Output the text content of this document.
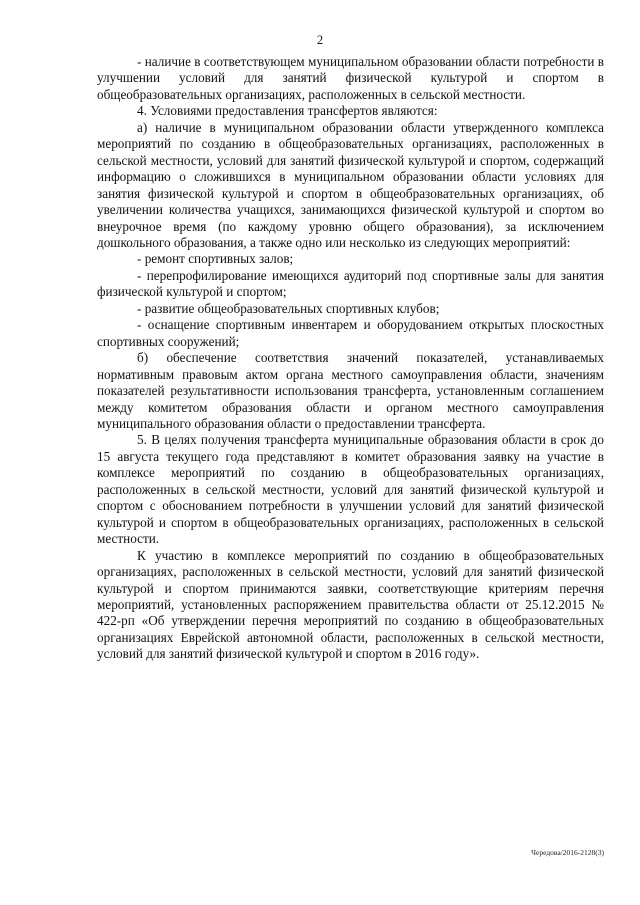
2

- наличие в соответствующем муниципальном образовании области потребности в улучшении условий для занятий физической культурой и спортом в общеобразовательных организациях, расположенных в сельской местности.

4. Условиями предоставления трансфертов являются:

а) наличие в муниципальном образовании области утвержденного комплекса мероприятий по созданию в общеобразовательных организациях, расположенных в сельской местности, условий для занятий физической культурой и спортом, содержащий информацию о сложившихся в муниципальном образовании области условиях для занятия физической культурой и спортом в общеобразовательных организациях, об увеличении количества учащихся, занимающихся физической культурой и спортом во внеурочное время (по каждому уровню общего образования), за исключением дошкольного образования, а также одно или несколько из следующих мероприятий:

- ремонт спортивных залов;

- перепрофилирование имеющихся аудиторий под спортивные залы для занятия физической культурой и спортом;

- развитие общеобразовательных спортивных клубов;

- оснащение спортивным инвентарем и оборудованием открытых плоскостных спортивных сооружений;

б) обеспечение соответствия значений показателей, устанавливаемых нормативным правовым актом органа местного самоуправления области, значениям показателей результативности использования трансферта, установленным соглашением между комитетом образования области и органом местного самоуправления муниципального образования области о предоставлении трансферта.

5. В целях получения трансферта муниципальные образования области в срок до 15 августа текущего года представляют в комитет образования заявку на участие в комплексе мероприятий по созданию в общеобразовательных организациях, расположенных в сельской местности, условий для занятий физической культурой и спортом с обоснованием потребности в улучшении условий для занятий физической культурой и спортом в общеобразовательных организациях, расположенных в сельской местности.

К участию в комплексе мероприятий по созданию в общеобразовательных организациях, расположенных в сельской местности, условий для занятий физической культурой и спортом принимаются заявки, соответствующие критериям перечня мероприятий, установленных распоряжением правительства области от 25.12.2015 № 422-рп «Об утверждении перечня мероприятий по созданию в общеобразовательных организациях Еврейской автономной области, расположенных в сельской местности, условий для занятий физической культурой и спортом в 2016 году».

Чередова/2016-2128(3)
